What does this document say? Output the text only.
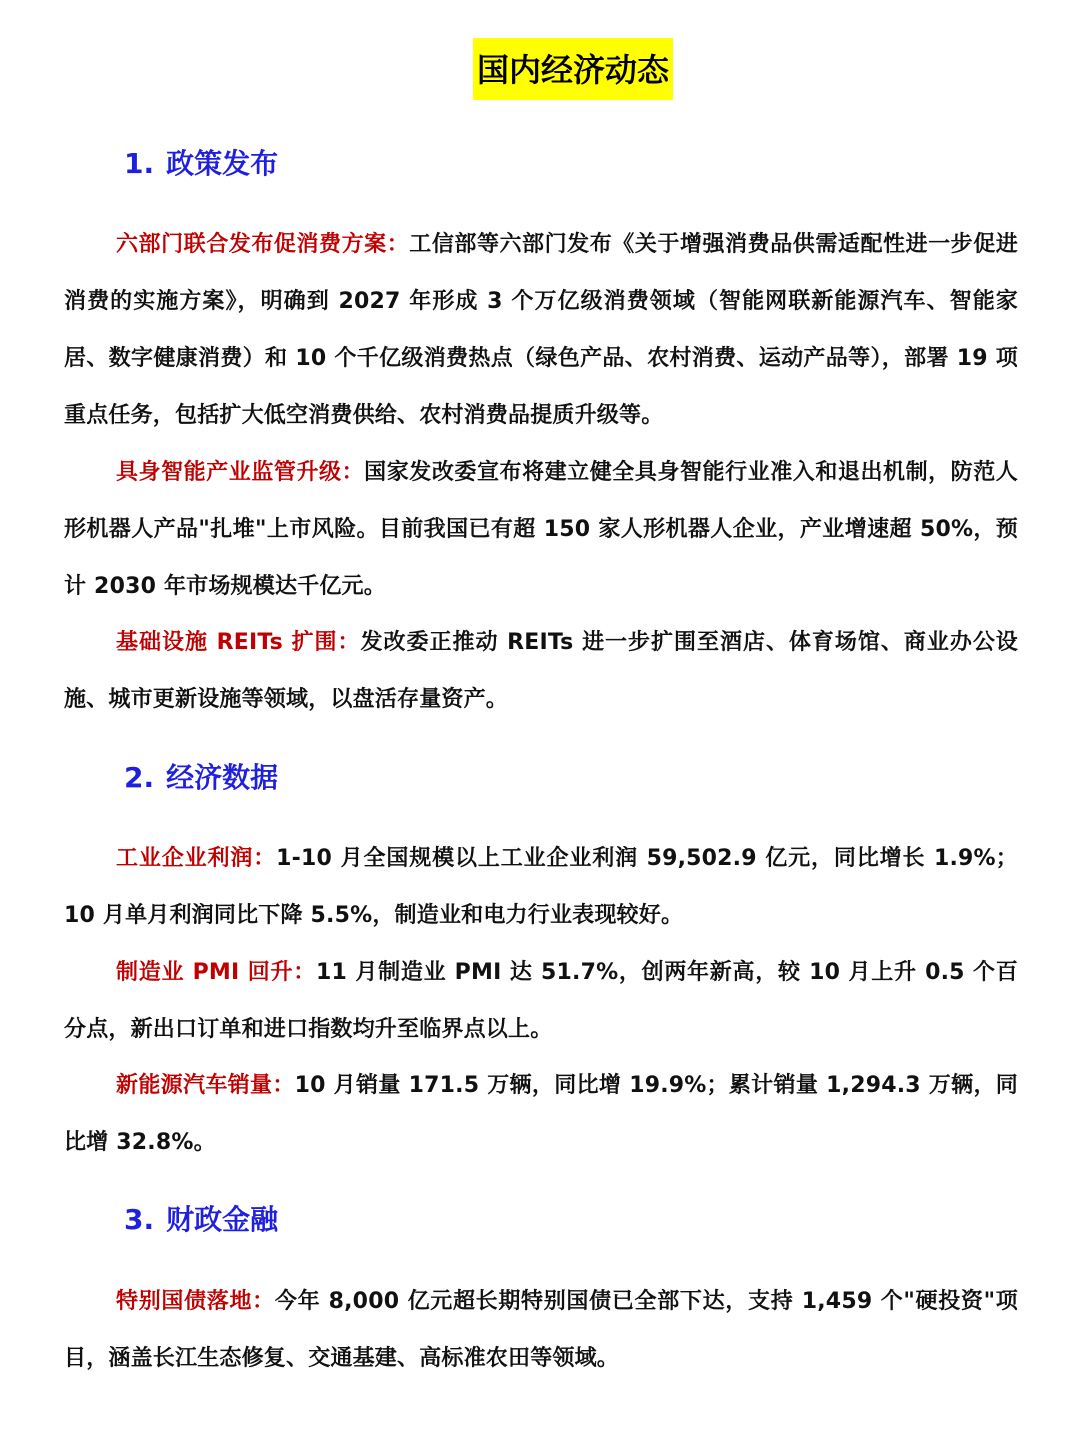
国内经济动态
1. 政策发布

六部门联合发布促消费方案：工信部等六部门发布《关于增强消费品供需适配性进一步促进消费的实施方案》，明确到 2027 年形成 3 个万亿级消费领域（智能网联新能源汽车、智能家居、数字健康消费）和 10 个千亿级消费热点（绿色产品、农村消费、运动产品等），部署 19 项重点任务，包括扩大低空消费供给、农村消费品提质升级等。

具身智能产业监管升级：国家发改委宣布将建立健全具身智能行业准入和退出机制，防范人形机器人产品"扎堆"上市风险。目前我国已有超 150 家人形机器人企业，产业增速超 50%，预计 2030 年市场规模达千亿元。

基础设施 REITs 扩围：发改委正推动 REITs 进一步扩围至酒店、体育场馆、商业办公设施、城市更新设施等领域，以盘活存量资产。

2. 经济数据

工业企业利润：1-10 月全国规模以上工业企业利润 59,502.9 亿元，同比增长 1.9%；10 月单月利润同比下降 5.5%，制造业和电力行业表现较好。

制造业 PMI 回升：11 月制造业 PMI 达 51.7%，创两年新高，较 10 月上升 0.5 个百分点，新出口订单和进口指数均升至临界点以上。

新能源汽车销量：10 月销量 171.5 万辆，同比增 19.9%；累计销量 1,294.3 万辆，同比增 32.8%。

3. 财政金融

特别国债落地：今年 8,000 亿元超长期特别国债已全部下达，支持 1,459 个"硬投资"项目，涵盖长江生态修复、交通基建、高标准农田等领域。
